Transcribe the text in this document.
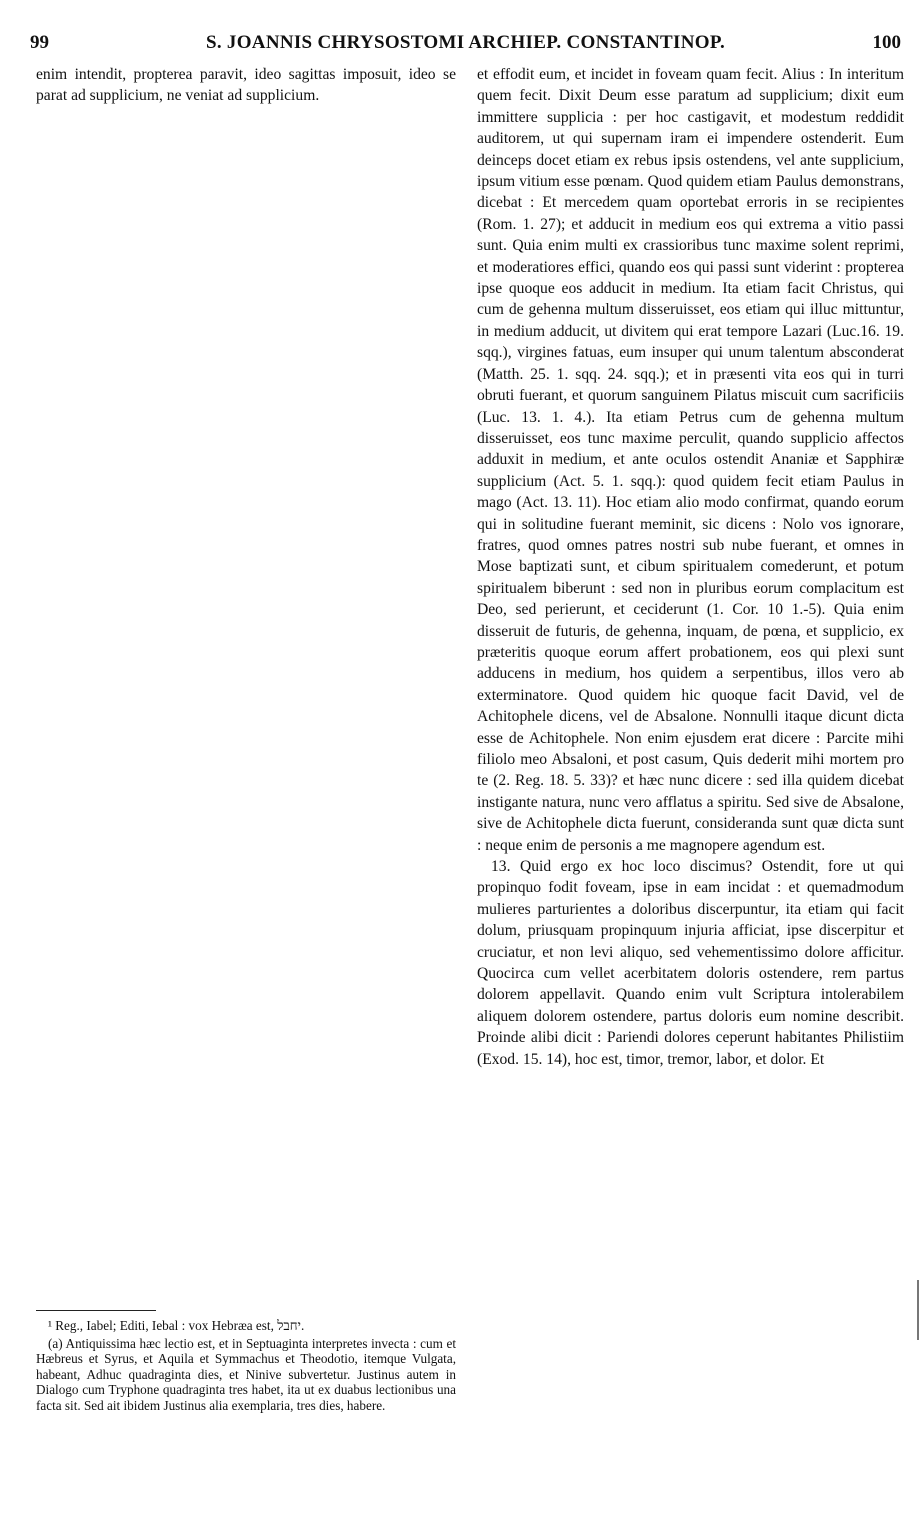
99	S. JOANNIS CHRYSOSTOMI ARCHIEP. CONSTANTINOP.	100

enim intendit, propterea paravit, ideo sagittas imposuit, ideo se parat ad supplicium, ne veniat ad supplicium.

et effodit eum, et incidet in foveam quam fecit. Alius : In interitum quem fecit. Dixit Deum esse paratum ad supplicium; dixit eum immittere supplicia : per hoc castigavit, et modestum reddidit auditorem, ut qui supernam iram ei impendere ostenderit. Eum deinceps docet etiam ex rebus ipsis ostendens, vel ante supplicium, ipsum vitium esse pœnam. Quod quidem etiam Paulus demonstrans, dicebat : Et mercedem quam oportebat erroris in se recipientes (Rom. 1. 27); et adducit in medium eos qui extrema a vitio passi sunt. Quia enim multi ex crassioribus tunc maxime solent reprimi, et moderatiores effici, quando eos qui passi sunt viderint : propterea ipse quoque eos adducit in medium. Ita etiam facit Christus, qui cum de gehenna multum disseruisset, eos etiam qui illuc mittuntur, in medium adducit, ut divitem qui erat tempore Lazari (Luc.16. 19. sqq.), virgines fatuas, eum insuper qui unum talentum absconderat (Matth. 25. 1. sqq. 24. sqq.); et in præsenti vita eos qui in turri obruti fuerant, et quorum sanguinem Pilatus miscuit cum sacrificiis (Luc. 13. 1. 4.). Ita etiam Petrus cum de gehenna multum disseruisset, eos tunc maxime perculit, quando supplicio affectos adduxit in medium, et ante oculos ostendit Ananiæ et Sapphiræ supplicium (Act. 5. 1. sqq.): quod quidem fecit etiam Paulus in mago (Act. 13. 11). Hoc etiam alio modo confirmat, quando eorum qui in solitudine fuerant meminit, sic dicens : Nolo vos ignorare, fratres, quod omnes patres nostri sub nube fuerant, et omnes in Mose baptizati sunt, et cibum spiritualem comederunt, et potum spiritualem biberunt : sed non in pluribus eorum complacitum est Deo, sed perierunt, et ceciderunt (1. Cor. 10 1.-5). Quia enim disseruit de futuris, de gehenna, inquam, de pœna, et supplicio, ex præteritis quoque eorum affert probationem, eos qui plexi sunt adducens in medium, hos quidem a serpentibus, illos vero ab exterminatore. Quod quidem hic quoque facit David, vel de Achitophele dicens, vel de Absalone. Nonnulli itaque dicunt dicta esse de Achitophele. Non enim ejusdem erat dicere : Parcite mihi filiolo meo Absaloni, et post casum, Quis dederit mihi mortem pro te (2. Reg. 18. 5. 33)? et hæc nunc dicere : sed illa quidem dicebat instigante natura, nunc vero afflatus a spiritu. Sed sive de Absalone, sive de Achitophele dicta fuerunt, consideranda sunt quæ dicta sunt : neque enim de personis a me magnopere agendum est.

13. Quid ergo ex hoc loco discimus? Ostendit, fore ut qui propinquo fodit foveam, ipse in eam incidat : et quemadmodum mulieres parturientes a doloribus discerpuntur, ita etiam qui facit dolum, priusquam propinquum injuria afficiat, ipse discerpitur et cruciatur, et non levi aliquo, sed vehementissimo dolore afficitur. Quocirca cum vellet acerbitatem doloris ostendere, rem partus dolorem appellavit. Quando enim vult Scriptura intolerabilem aliquem dolorem ostendere, partus doloris eum nomine describit. Proinde alibi dicit : Pariendi dolores ceperunt habitantes Philistiim (Exod. 15. 14), hoc est, timor, tremor, labor, et dolor. Et

¹ Reg., Iabel; Editi, Iebal : vox Hebræa est, יחבל.

(a) Antiquissima hæc lectio est, et in Septuaginta interpretes invecta : cum et Hæbreus et Syrus, et Aquila et Symmachus et Theodotio, itemque Vulgata, habeant, Adhuc quadraginta dies, et Ninive subvertetur. Justinus autem in Dialogo cum Tryphone quadraginta tres habet, ita ut ex duabus lectionibus una facta sit. Sed ait ibidem Justinus alia exemplaria, tres dies, habere.
